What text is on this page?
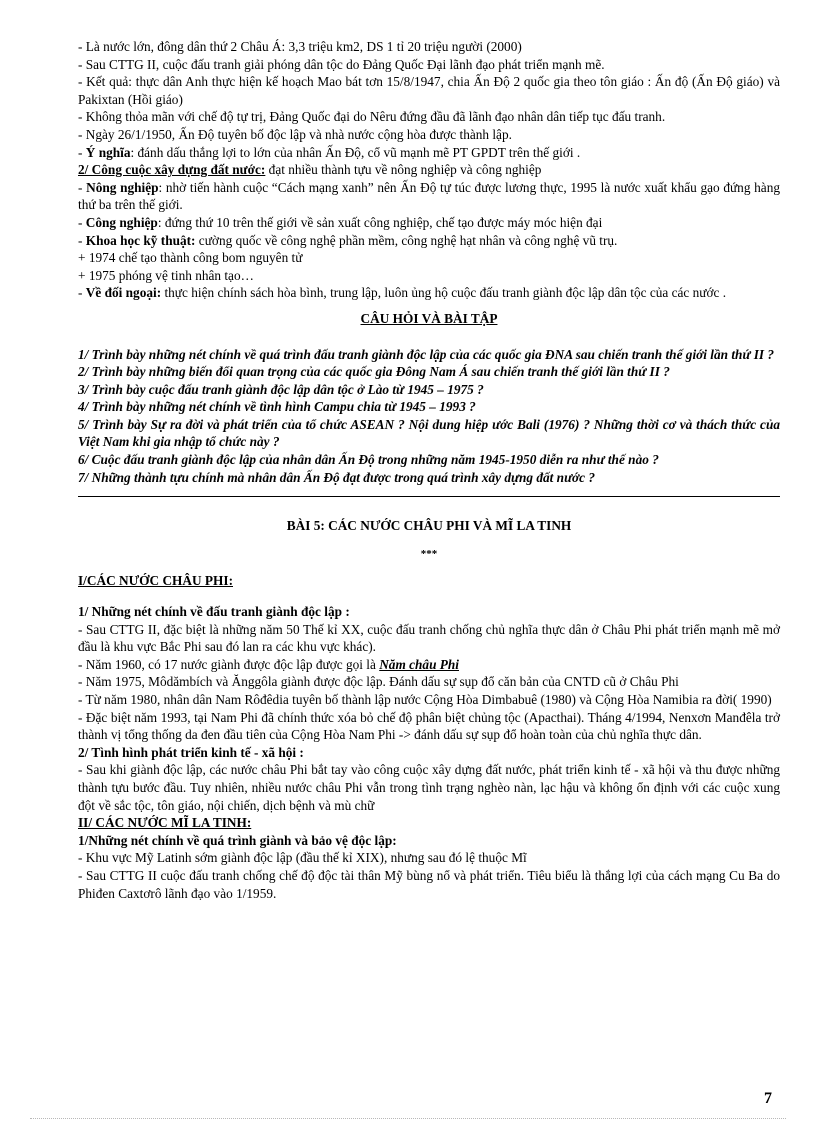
- Là nước lớn, đông dân thứ 2 Châu Á: 3,3 triệu km2, DS 1 tỉ 20 triệu người (2000)

- Sau CTTG II, cuộc đấu tranh giải phóng dân tộc do Đảng Quốc Đại lãnh đạo phát triển mạnh mẽ.

- Kết quả: thực dân Anh thực hiện kế hoạch Mao bát tơn 15/8/1947, chia Ấn Độ 2 quốc gia theo tôn giáo : Ấn độ (Ấn Độ giáo) và Pakixtan (Hồi giáo)

- Không thỏa mãn với chế độ tự trị, Đảng Quốc đại do Nêru đứng đầu đã lãnh đạo nhân dân tiếp tục đấu tranh.

- Ngày 26/1/1950, Ấn Độ tuyên bố độc lập và nhà nước cộng hòa được thành lập.

- Ý nghĩa: đánh dấu thắng lợi to lớn của nhân Ấn Độ, cổ vũ mạnh mẽ PT GPDT trên thế giới .

2/ Công cuộc xây dựng đất nước: đạt nhiều thành tựu về nông nghiệp và công nghiệp

- Nông nghiệp: nhờ tiến hành cuộc “Cách mạng xanh” nên Ấn Độ tự túc được lương thực, 1995 là nước xuất khẩu gạo đứng hàng thứ ba trên thế giới.

- Công nghiệp: đứng thứ 10 trên thế giới về sản xuất công nghiệp, chế tạo được máy móc hiện đại

- Khoa học kỹ thuật: cường quốc về công nghệ phần mềm, công nghệ hạt nhân và công nghệ vũ trụ.

+ 1974 chế tạo thành công bom nguyên tử

+ 1975 phóng vệ tinh nhân tạo…

- Về đối ngoại: thực hiện chính sách hòa bình, trung lập, luôn ủng hộ cuộc đấu tranh giành độc lập dân tộc của các nước .

CÂU HỎI VÀ BÀI TẬP

1/ Trình bày những nét chính về quá trình đấu tranh giành độc lập của các quốc gia ĐNA sau chiến tranh thế giới lần thứ II ?

2/ Trình bày những biến đổi quan trọng của các quốc gia Đông Nam Á sau chiến tranh thế giới lần thứ II ?

3/ Trình bày cuộc đấu tranh giành độc lập dân tộc ở Lào từ 1945 – 1975 ?

4/ Trình bày những nét chính về tình hình Campu chia từ 1945 – 1993 ?

5/ Trình bày Sự ra đời và phát triển của tổ chức ASEAN ? Nội dung hiệp ước Bali (1976) ? Những thời cơ và thách thức của Việt Nam khi gia nhập tổ chức này ?

6/ Cuộc đấu tranh giành độc lập của nhân dân Ấn Độ trong những năm 1945-1950 diễn ra như thế nào ?

7/ Những thành tựu chính mà nhân dân Ấn Độ đạt được trong quá trình xây dựng đất nước ?

BÀI 5: CÁC NƯỚC CHÂU PHI VÀ MĨ LA TINH

***

I/CÁC NƯỚC CHÂU PHI:

1/ Những nét chính về đấu tranh giành độc lập :

- Sau CTTG II, đặc biệt là những năm 50 Thế kỉ XX, cuộc đấu tranh chống chủ nghĩa thực dân ở Châu Phi phát triển mạnh mẽ mở đầu là khu vực Bắc Phi sau đó lan ra các khu vực khác).

- Năm 1960, có 17 nước giành được độc lập được gọi là Năm châu Phi

- Năm 1975, Môdămbích và Ănggôla giành được độc lập. Đánh dấu sự sụp đổ căn bản của CNTD cũ ở Châu Phi

- Từ năm 1980, nhân dân Nam Rôđêdia tuyên bố thành lập nước Cộng Hòa Dimbabuê (1980) và Cộng Hòa Namibia ra đời( 1990)

- Đặc biệt năm 1993, tại Nam Phi đã chính thức xóa bỏ chế độ phân biệt chủng tộc (Apacthai). Tháng 4/1994, Nenxơn Manđêla trở thành vị tổng thống da đen đầu tiên của Cộng Hòa Nam Phi -> đánh dấu sự sụp đổ hoàn toàn của chủ nghĩa thực dân.

2/ Tình hình phát triển kinh tế - xã hội :

- Sau khi giành độc lập, các nước châu Phi bắt tay vào công cuộc xây dựng đất nước, phát triển kinh tế - xã hội và thu được những thành tựu bước đầu. Tuy nhiên, nhiều nước châu Phi vẫn trong tình trạng nghèo nàn, lạc hậu và không ổn định với các cuộc xung đột về sắc tộc, tôn giáo, nội chiến, dịch bệnh và mù chữ

II/ CÁC NƯỚC MĨ LA TINH:

1/Những nét chính về quá trình giành và bảo vệ độc lập:

- Khu vực Mỹ Latinh sớm giành độc lập (đầu thế kỉ XIX), nhưng sau đó lệ thuộc Mĩ

- Sau CTTG II cuộc đấu tranh chống chế độ độc tài thân Mỹ bùng nổ và phát triển. Tiêu biểu là thắng lợi của cách mạng Cu Ba do Phiđen Caxtơrô lãnh đạo vào 1/1959.

7
